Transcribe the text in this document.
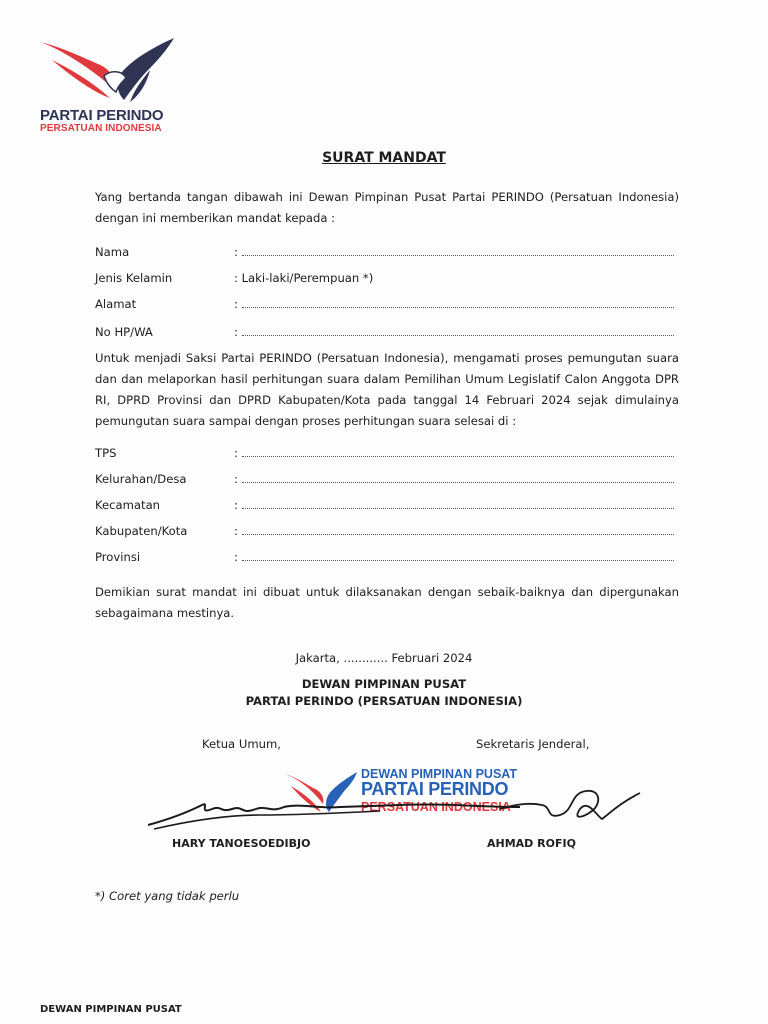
PARTAI PERINDO
PERSATUAN INDONESIA
SURAT MANDAT
Yang bertanda tangan dibawah ini Dewan Pimpinan Pusat Partai PERINDO (Persatuan Indonesia) dengan ini memberikan mandat kepada :
Nama	:
Jenis Kelamin	: Laki-laki/Perempuan *)
Alamat	:
No HP/WA	:
Untuk menjadi Saksi Partai PERINDO (Persatuan Indonesia), mengamati proses pemungutan suara dan dan melaporkan hasil perhitungan suara dalam Pemilihan Umum Legislatif Calon Anggota DPR RI, DPRD Provinsi dan DPRD Kabupaten/Kota pada tanggal 14 Februari 2024 sejak dimulainya pemungutan suara sampai dengan proses perhitungan suara selesai di :
TPS	:
Kelurahan/Desa	:
Kecamatan	:
Kabupaten/Kota	:
Provinsi	:
Demikian surat mandat ini dibuat untuk dilaksanakan dengan sebaik-baiknya dan dipergunakan sebagaimana mestinya.
Jakarta, ............ Februari 2024
DEWAN PIMPINAN PUSAT
PARTAI PERINDO (PERSATUAN INDONESIA)
Ketua Umum,	Sekretaris Jenderal,
DEWAN PIMPINAN PUSAT
PARTAI PERINDO
PERSATUAN INDONESIA
HARY TANOESOEDIBJO	AHMAD ROFIQ
*) Coret yang tidak perlu
DEWAN PIMPINAN PUSAT
